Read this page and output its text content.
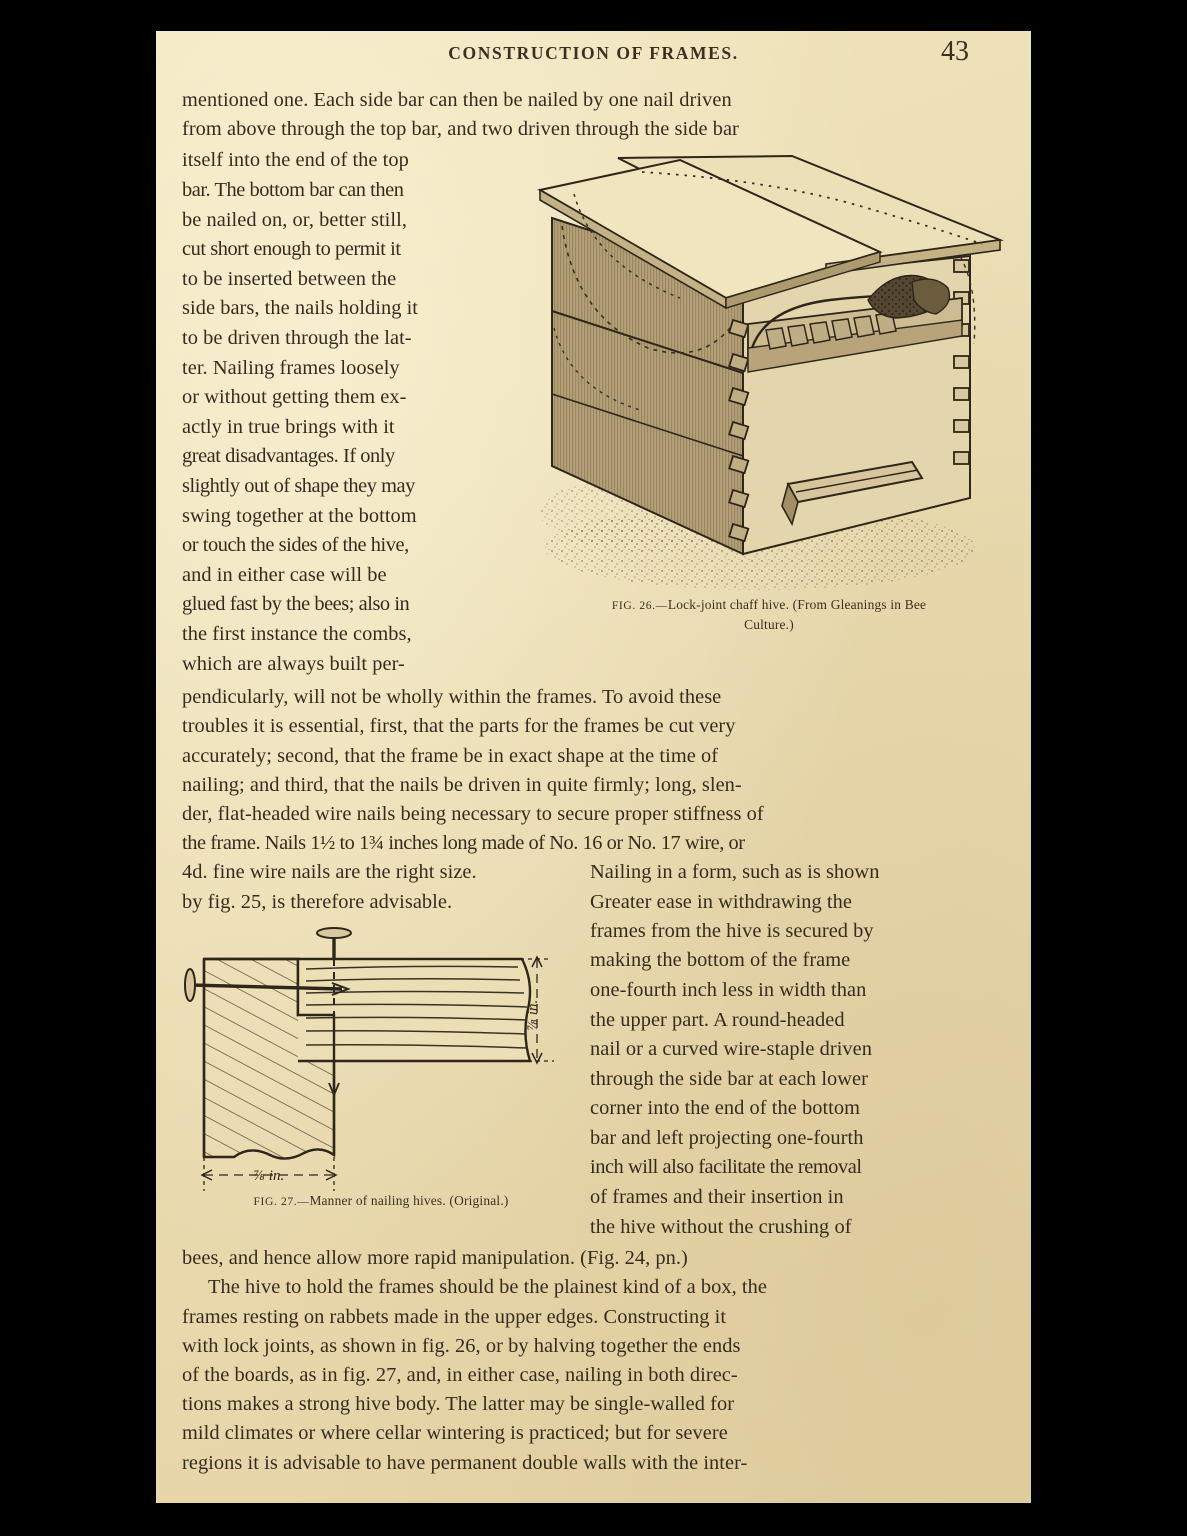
CONSTRUCTION OF FRAMES.	43
mentioned one. Each side bar can then be nailed by one nail driven
from above through the top bar, and two driven through the side bar
itself into the end of the top
bar. The bottom bar can then
be nailed on, or, better still,
cut short enough to permit it
to be inserted between the
side bars, the nails holding it
to be driven through the lat-
ter. Nailing frames loosely
or without getting them ex-
actly in true brings with it
great disadvantages. If only
slightly out of shape they may
swing together at the bottom
or touch the sides of the hive,
and in either case will be
glued fast by the bees; also in
the first instance the combs,
which are always built per-
FIG. 26.—Lock-joint chaff hive. (From Gleanings in Bee
Culture.)
pendicularly, will not be wholly within the frames. To avoid these
troubles it is essential, first, that the parts for the frames be cut very
accurately; second, that the frame be in exact shape at the time of
nailing; and third, that the nails be driven in quite firmly; long, slen-
der, flat-headed wire nails being necessary to secure proper stiffness of
the frame. Nails 1½ to 1¾ inches long made of No. 16 or No. 17 wire, or
4d. fine wire nails are the right size.	Nailing in a form, such as is shown
by fig. 25, is therefore advisable.	Greater ease in withdrawing the
frames from the hive is secured by
making the bottom of the frame
one-fourth inch less in width than
the upper part. A round-headed
nail or a curved wire-staple driven
through the side bar at each lower
corner into the end of the bottom
bar and left projecting one-fourth
inch will also facilitate the removal
of frames and their insertion in
the hive without the crushing of
⅞ in.
⅞ in.
FIG. 27.—Manner of nailing hives. (Original.)
bees, and hence allow more rapid manipulation. (Fig. 24, pn.)
The hive to hold the frames should be the plainest kind of a box, the
frames resting on rabbets made in the upper edges. Constructing it
with lock joints, as shown in fig. 26, or by halving together the ends
of the boards, as in fig. 27, and, in either case, nailing in both direc-
tions makes a strong hive body. The latter may be single-walled for
mild climates or where cellar wintering is practiced; but for severe
regions it is advisable to have permanent double walls with the inter-
